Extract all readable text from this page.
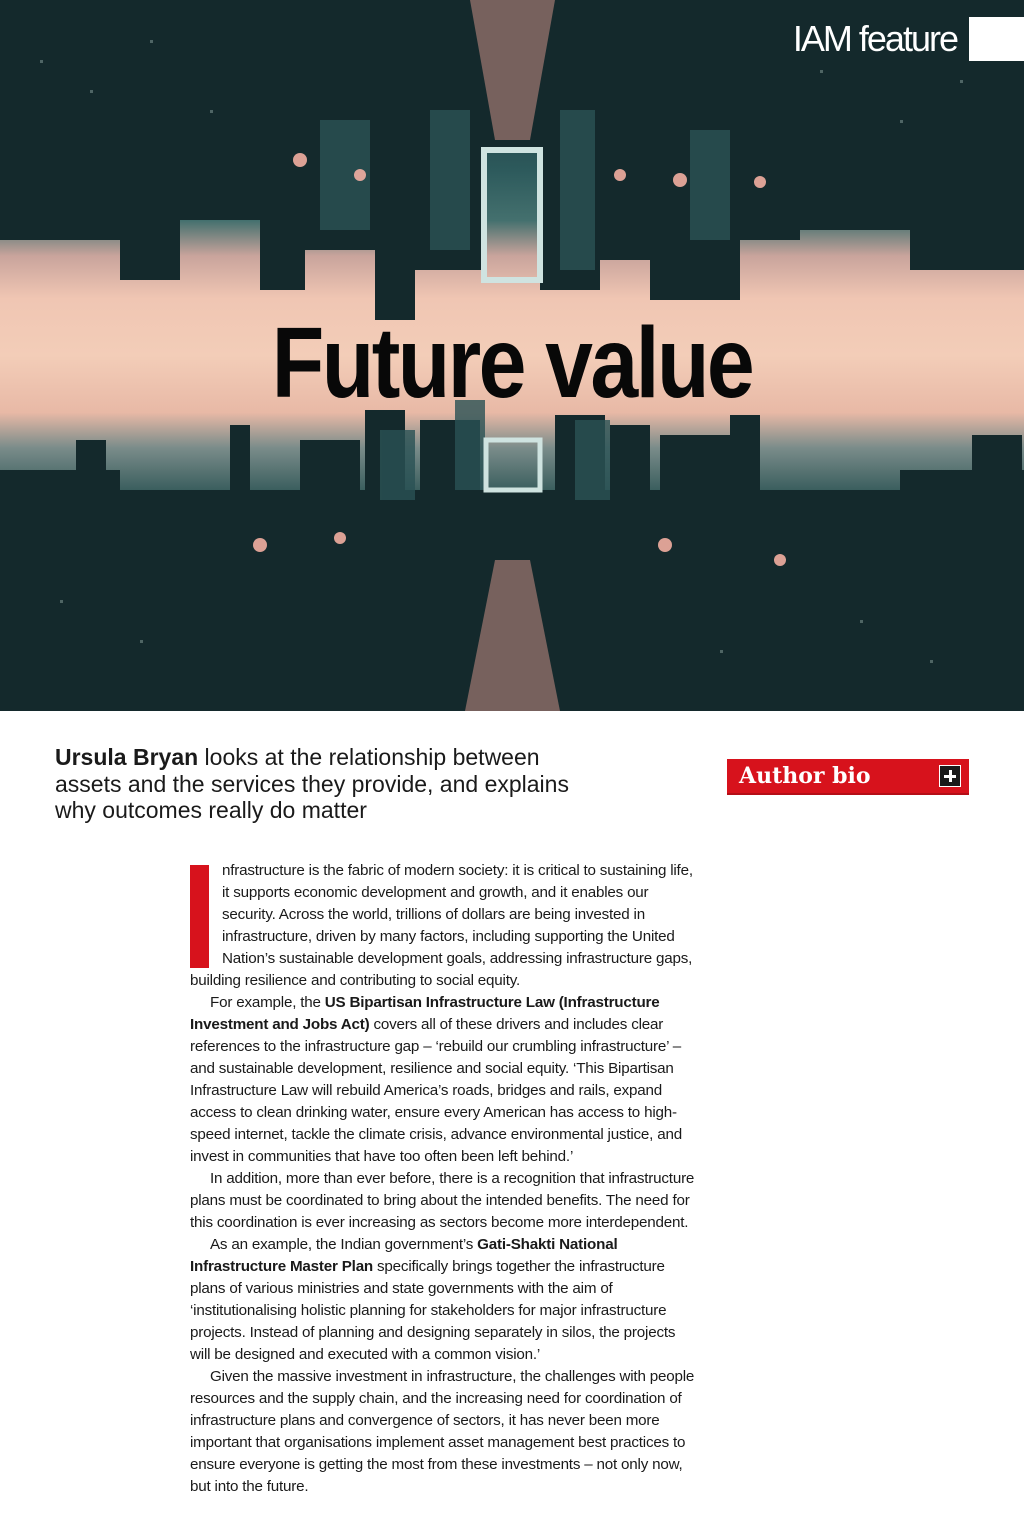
Future value
IAM feature
Ursula Bryan looks at the relationship between assets and the services they provide, and explains why outcomes really do matter
Author bio

nfrastructure is the fabric of modern society: it is critical to sustaining life, it supports economic development and growth, and it enables our security. Across the world, trillions of dollars are being invested in infrastructure, driven by many factors, including supporting the United Nation’s sustainable development goals, addressing infrastructure gaps, building resilience and contributing to social equity.

For example, the US Bipartisan Infrastructure Law (Infrastructure Investment and Jobs Act) covers all of these drivers and includes clear references to the infrastructure gap – ‘rebuild our crumbling infrastructure’ – and sustainable development, resilience and social equity. ‘This Bipartisan Infrastructure Law will rebuild America’s roads, bridges and rails, expand access to clean drinking water, ensure every American has access to high-speed internet, tackle the climate crisis, advance environmental justice, and invest in communities that have too often been left behind.’

In addition, more than ever before, there is a recognition that infrastructure plans must be coordinated to bring about the intended benefits. The need for this coordination is ever increasing as sectors become more interdependent.

As an example, the Indian government’s Gati-Shakti National Infrastructure Master Plan specifically brings together the infrastructure plans of various ministries and state governments with the aim of ‘institutionalising holistic planning for stakeholders for major infrastructure projects. Instead of planning and designing separately in silos, the projects will be designed and executed with a common vision.’

Given the massive investment in infrastructure, the challenges with people resources and the supply chain, and the increasing need for coordination of infrastructure plans and convergence of sectors, it has never been more important that organisations implement asset management best practices to ensure everyone is getting the most from these investments – not only now, but into the future.
